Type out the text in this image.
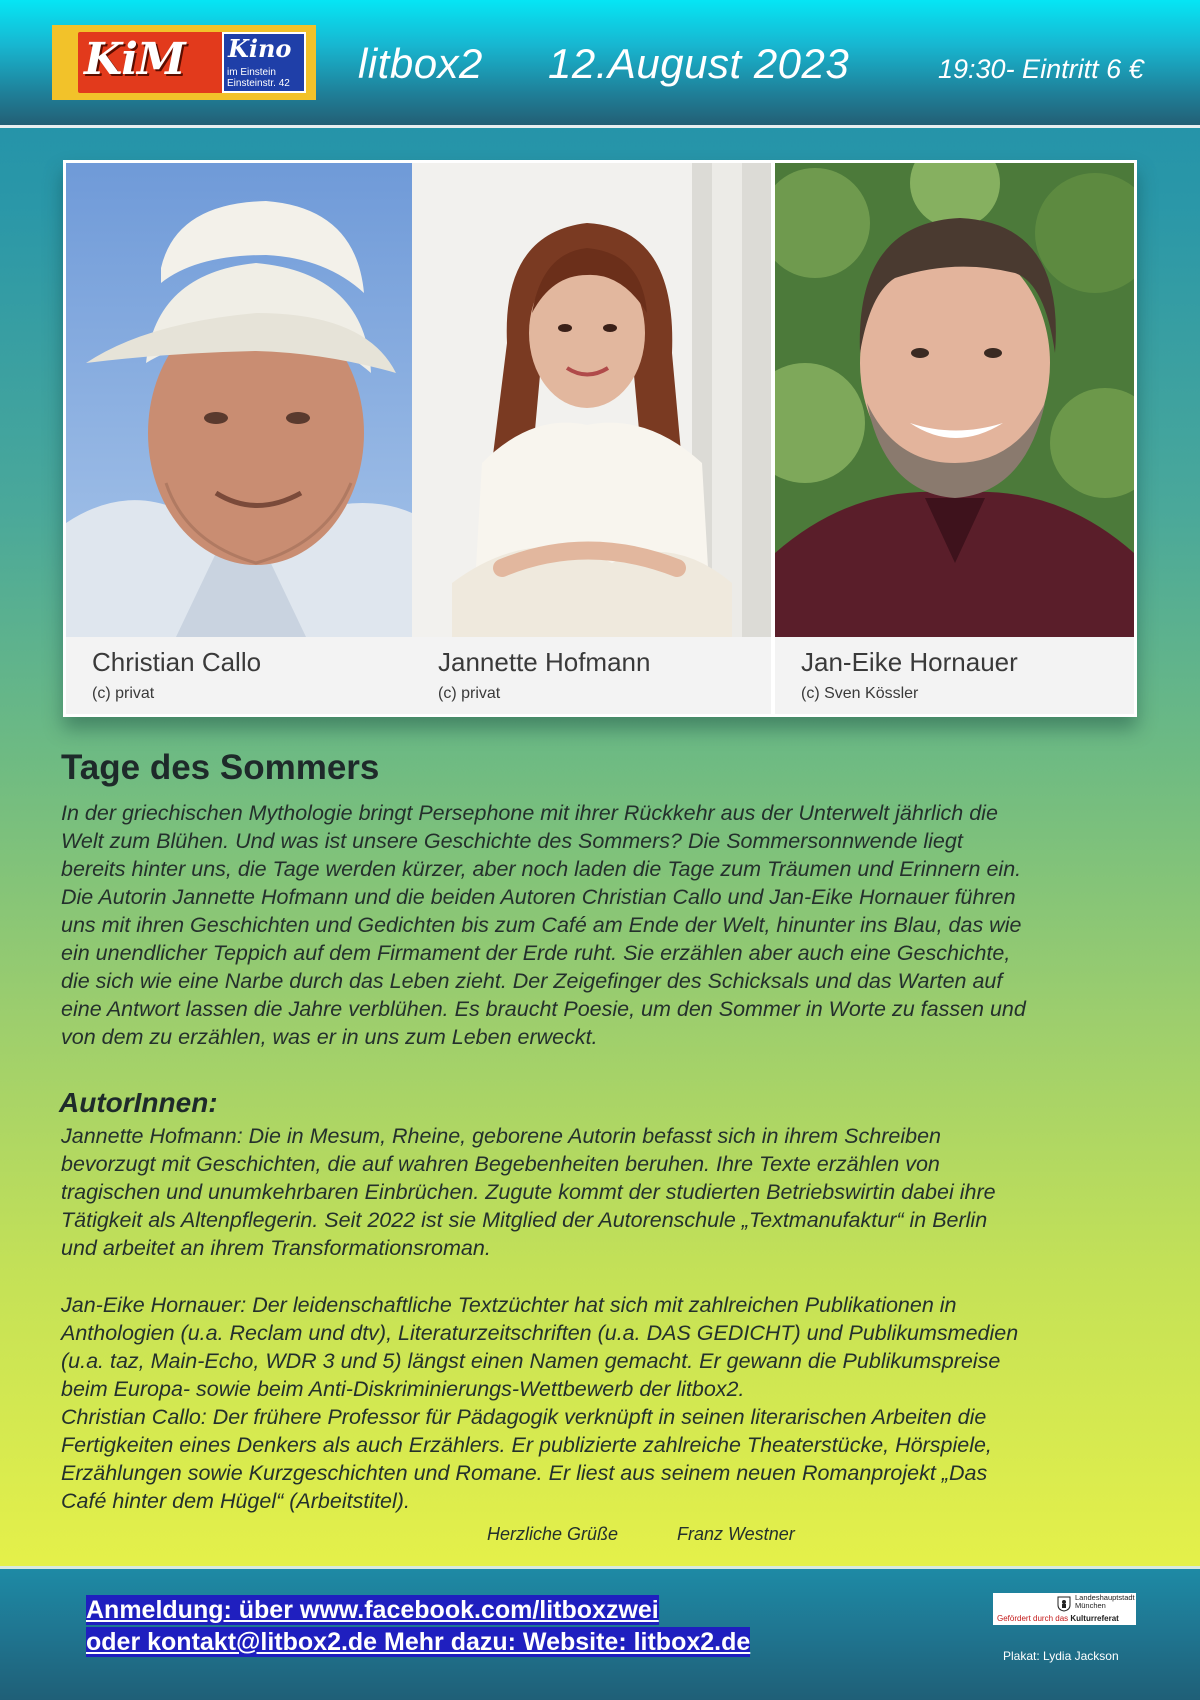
KiM Kino
im Einstein
Einsteinstr. 42 litbox2 12.August 2023	19:30- Eintritt 6 €
Christian Callo
(c) privat
Jannette Hofmann
(c) privat
Jan-Eike Hornauer
(c) Sven Kössler
Tage des Sommers

In der griechischen Mythologie bringt Persephone mit ihrer Rückkehr aus der Unterwelt jährlich die
Welt zum Blühen. Und was ist unsere Geschichte des Sommers? Die Sommersonnwende liegt
bereits hinter uns, die Tage werden kürzer, aber noch laden die Tage zum Träumen und Erinnern ein.
Die Autorin Jannette Hofmann und die beiden Autoren Christian Callo und Jan-Eike Hornauer führen
uns mit ihren Geschichten und Gedichten bis zum Café am Ende der Welt, hinunter ins Blau, das wie
ein unendlicher Teppich auf dem Firmament der Erde ruht. Sie erzählen aber auch eine Geschichte,
die sich wie eine Narbe durch das Leben zieht. Der Zeigefinger des Schicksals und das Warten auf
eine Antwort lassen die Jahre verblühen. Es braucht Poesie, um den Sommer in Worte zu fassen und
von dem zu erzählen, was er in uns zum Leben erweckt.

AutorInnen:

Jannette Hofmann: Die in Mesum, Rheine, geborene Autorin befasst sich in ihrem Schreiben
bevorzugt mit Geschichten, die auf wahren Begebenheiten beruhen. Ihre Texte erzählen von
tragischen und unumkehrbaren Einbrüchen. Zugute kommt der studierten Betriebswirtin dabei ihre
Tätigkeit als Altenpflegerin. Seit 2022 ist sie Mitglied der Autorenschule „Textmanufaktur“ in Berlin
und arbeitet an ihrem Transformationsroman.

Jan-Eike Hornauer: Der leidenschaftliche Textzüchter hat sich mit zahlreichen Publikationen in
Anthologien (u.a. Reclam und dtv), Literaturzeitschriften (u.a. DAS GEDICHT) und Publikumsmedien
(u.a. taz, Main-Echo, WDR 3 und 5) längst einen Namen gemacht. Er gewann die Publikumspreise
beim Europa- sowie beim Anti-Diskriminierungs-Wettbewerb der litbox2.

Christian Callo: Der frühere Professor für Pädagogik verknüpft in seinen literarischen Arbeiten die
Fertigkeiten eines Denkers als auch Erzählers. Er publizierte zahlreiche Theaterstücke, Hörspiele,
Erzählungen sowie Kurzgeschichten und Romane. Er liest aus seinem neuen Romanprojekt „Das
Café hinter dem Hügel“ (Arbeitstitel).

Herzliche Grüße	Franz Westner
Anmeldung: über www.facebook.com/litboxzwei
oder kontakt@litbox2.de Mehr dazu: Website: litbox2.de
Landeshauptstadt
München
Gefördert durch das Kulturreferat
Plakat: Lydia Jackson
